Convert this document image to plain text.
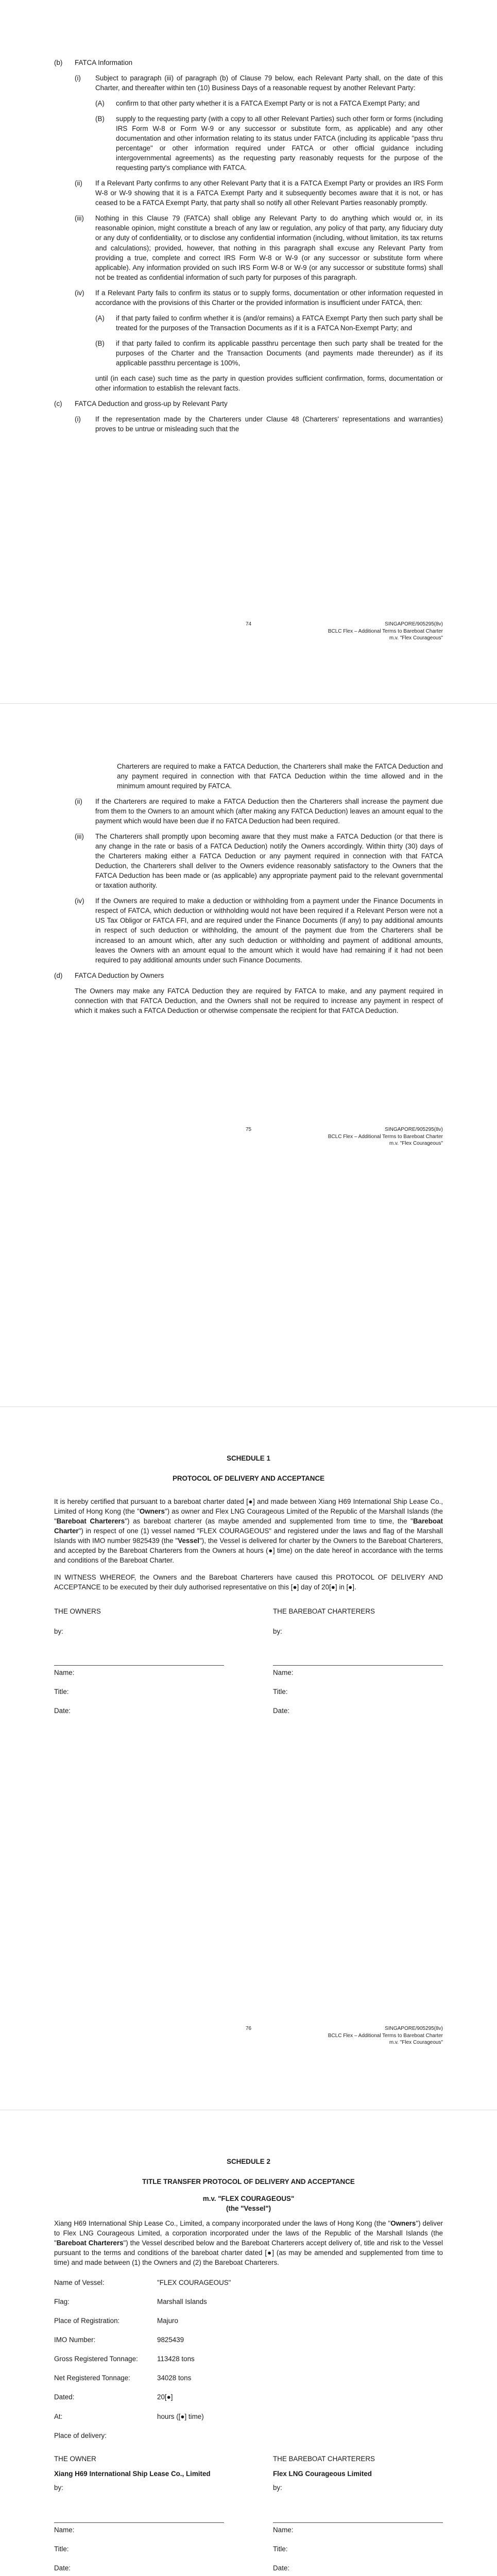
(b)	FATCA Information
(i)	Subject to paragraph (iii) of paragraph (b) of Clause 79 below, each Relevant Party shall, on the date of this Charter, and thereafter within ten (10) Business Days of a reasonable request by another Relevant Party:

(A)	confirm to that other party whether it is a FATCA Exempt Party or is not a FATCA Exempt Party; and

(B)	supply to the requesting party (with a copy to all other Relevant Parties) such other form or forms (including IRS Form W-8 or Form W-9 or any successor or substitute form, as applicable) and any other documentation and other information relating to its status under FATCA (including its applicable "pass thru percentage" or other information required under FATCA or other official guidance including intergovernmental agreements) as the requesting party reasonably requests for the purpose of the requesting party's compliance with FATCA.

(ii)	If a Relevant Party confirms to any other Relevant Party that it is a FATCA Exempt Party or provides an IRS Form W-8 or W-9 showing that it is a FATCA Exempt Party and it subsequently becomes aware that it is not, or has ceased to be a FATCA Exempt Party, that party shall so notify all other Relevant Parties reasonably promptly.

(iii)	Nothing in this Clause 79 (FATCA) shall oblige any Relevant Party to do anything which would or, in its reasonable opinion, might constitute a breach of any law or regulation, any policy of that party, any fiduciary duty or any duty of confidentiality, or to disclose any confidential information (including, without limitation, its tax returns and calculations); provided, however, that nothing in this paragraph shall excuse any Relevant Party from providing a true, complete and correct IRS Form W-8 or W-9 (or any successor or substitute form where applicable). Any information provided on such IRS Form W-8 or W-9 (or any successor or substitute forms) shall not be treated as confidential information of such party for purposes of this paragraph.

(iv)	If a Relevant Party fails to confirm its status or to supply forms, documentation or other information requested in accordance with the provisions of this Charter or the provided information is insufficient under FATCA, then:

(A)	if that party failed to confirm whether it is (and/or remains) a FATCA Exempt Party then such party shall be treated for the purposes of the Transaction Documents as if it is a FATCA Non-Exempt Party; and

(B)	if that party failed to confirm its applicable passthru percentage then such party shall be treated for the purposes of the Charter and the Transaction Documents (and payments made thereunder) as if its applicable passthru percentage is 100%,

until (in each case) such time as the party in question provides sufficient confirmation, forms, documentation or other information to establish the relevant facts.

(c)	FATCA Deduction and gross-up by Relevant Party
(i)	If the representation made by the Charterers under Clause 48 (Charterers' representations and warranties) proves to be untrue or misleading such that the

74	SINGAPORE/905295(8v)
BCLC Flex – Additional Terms to Bareboat Charter
m.v. "Flex Courageous"

Charterers are required to make a FATCA Deduction, the Charterers shall make the FATCA Deduction and any payment required in connection with that FATCA Deduction within the time allowed and in the minimum amount required by FATCA.

(ii)	If the Charterers are required to make a FATCA Deduction then the Charterers shall increase the payment due from them to the Owners to an amount which (after making any FATCA Deduction) leaves an amount equal to the payment which would have been due if no FATCA Deduction had been required.

(iii)	The Charterers shall promptly upon becoming aware that they must make a FATCA Deduction (or that there is any change in the rate or basis of a FATCA Deduction) notify the Owners accordingly. Within thirty (30) days of the Charterers making either a FATCA Deduction or any payment required in connection with that FATCA Deduction, the Charterers shall deliver to the Owners evidence reasonably satisfactory to the Owners that the FATCA Deduction has been made or (as applicable) any appropriate payment paid to the relevant governmental or taxation authority.

(iv)	If the Owners are required to make a deduction or withholding from a payment under the Finance Documents in respect of FATCA, which deduction or withholding would not have been required if a Relevant Person were not a US Tax Obligor or FATCA FFI, and are required under the Finance Documents (if any) to pay additional amounts in respect of such deduction or withholding, the amount of the payment due from the Charterers shall be increased to an amount which, after any such deduction or withholding and payment of additional amounts, leaves the Owners with an amount equal to the amount which it would have had remaining if it had not been required to pay additional amounts under such Finance Documents.

(d)	FATCA Deduction by Owners

The Owners may make any FATCA Deduction they are required by FATCA to make, and any payment required in connection with that FATCA Deduction, and the Owners shall not be required to increase any payment in respect of which it makes such a FATCA Deduction or otherwise compensate the recipient for that FATCA Deduction.

75	SINGAPORE/905295(8v)
BCLC Flex – Additional Terms to Bareboat Charter
m.v. "Flex Courageous"
SCHEDULE 1
PROTOCOL OF DELIVERY AND ACCEPTANCE

It is hereby certified that pursuant to a bareboat charter dated [●] and made between Xiang H69 International Ship Lease Co., Limited of Hong Kong (the "Owners") as owner and Flex LNG Courageous Limited of the Republic of the Marshall Islands (the "Bareboat Charterers") as bareboat charterer (as maybe amended and supplemented from time to time, the "Bareboat Charter") in respect of one (1) vessel named "FLEX COURAGEOUS" and registered under the laws and flag of the Marshall Islands with IMO number 9825439 (the "Vessel"), the Vessel is delivered for charter by the Owners to the Bareboat Charterers, and accepted by the Bareboat Charterers from the Owners at hours (●] time) on the date hereof in accordance with the terms and conditions of the Bareboat Charter.

IN WITNESS WHEREOF, the Owners and the Bareboat Charterers have caused this PROTOCOL OF DELIVERY AND ACCEPTANCE to be executed by their duly authorised representative on this [●] day of 20[●] in [●].

THE OWNERS
by:
Name:
Title:
Date:
THE BAREBOAT CHARTERERS
by:
Name:
Title:
Date:
76	SINGAPORE/905295(8v)
BCLC Flex – Additional Terms to Bareboat Charter
m.v. "Flex Courageous"
SCHEDULE 2
TITLE TRANSFER PROTOCOL OF DELIVERY AND ACCEPTANCE
m.v. "FLEX COURAGEOUS"
(the "Vessel")

Xiang H69 International Ship Lease Co., Limited, a company incorporated under the laws of Hong Kong (the "Owners") deliver to Flex LNG Courageous Limited, a corporation incorporated under the laws of the Republic of the Marshall Islands (the "Bareboat Charterers") the Vessel described below and the Bareboat Charterers accept delivery of, title and risk to the Vessel pursuant to the terms and conditions of the bareboat charter dated [●] (as may be amended and supplemented from time to time) and made between (1) the Owners and (2) the Bareboat Charterers.

Name of Vessel:	"FLEX COURAGEOUS"
Flag:	Marshall Islands
Place of Registration:	Majuro
IMO Number:	9825439
Gross Registered Tonnage:	113428 tons
Net Registered Tonnage:	34028 tons
Dated:	20[●]
At:	hours ([●] time)
Place of delivery:	
THE OWNER
Xiang H69 International Ship Lease Co., Limited
by:
Name:
Title:
Date:
THE BAREBOAT CHARTERERS
Flex LNG Courageous Limited
by:
Name:
Title:
Date:
